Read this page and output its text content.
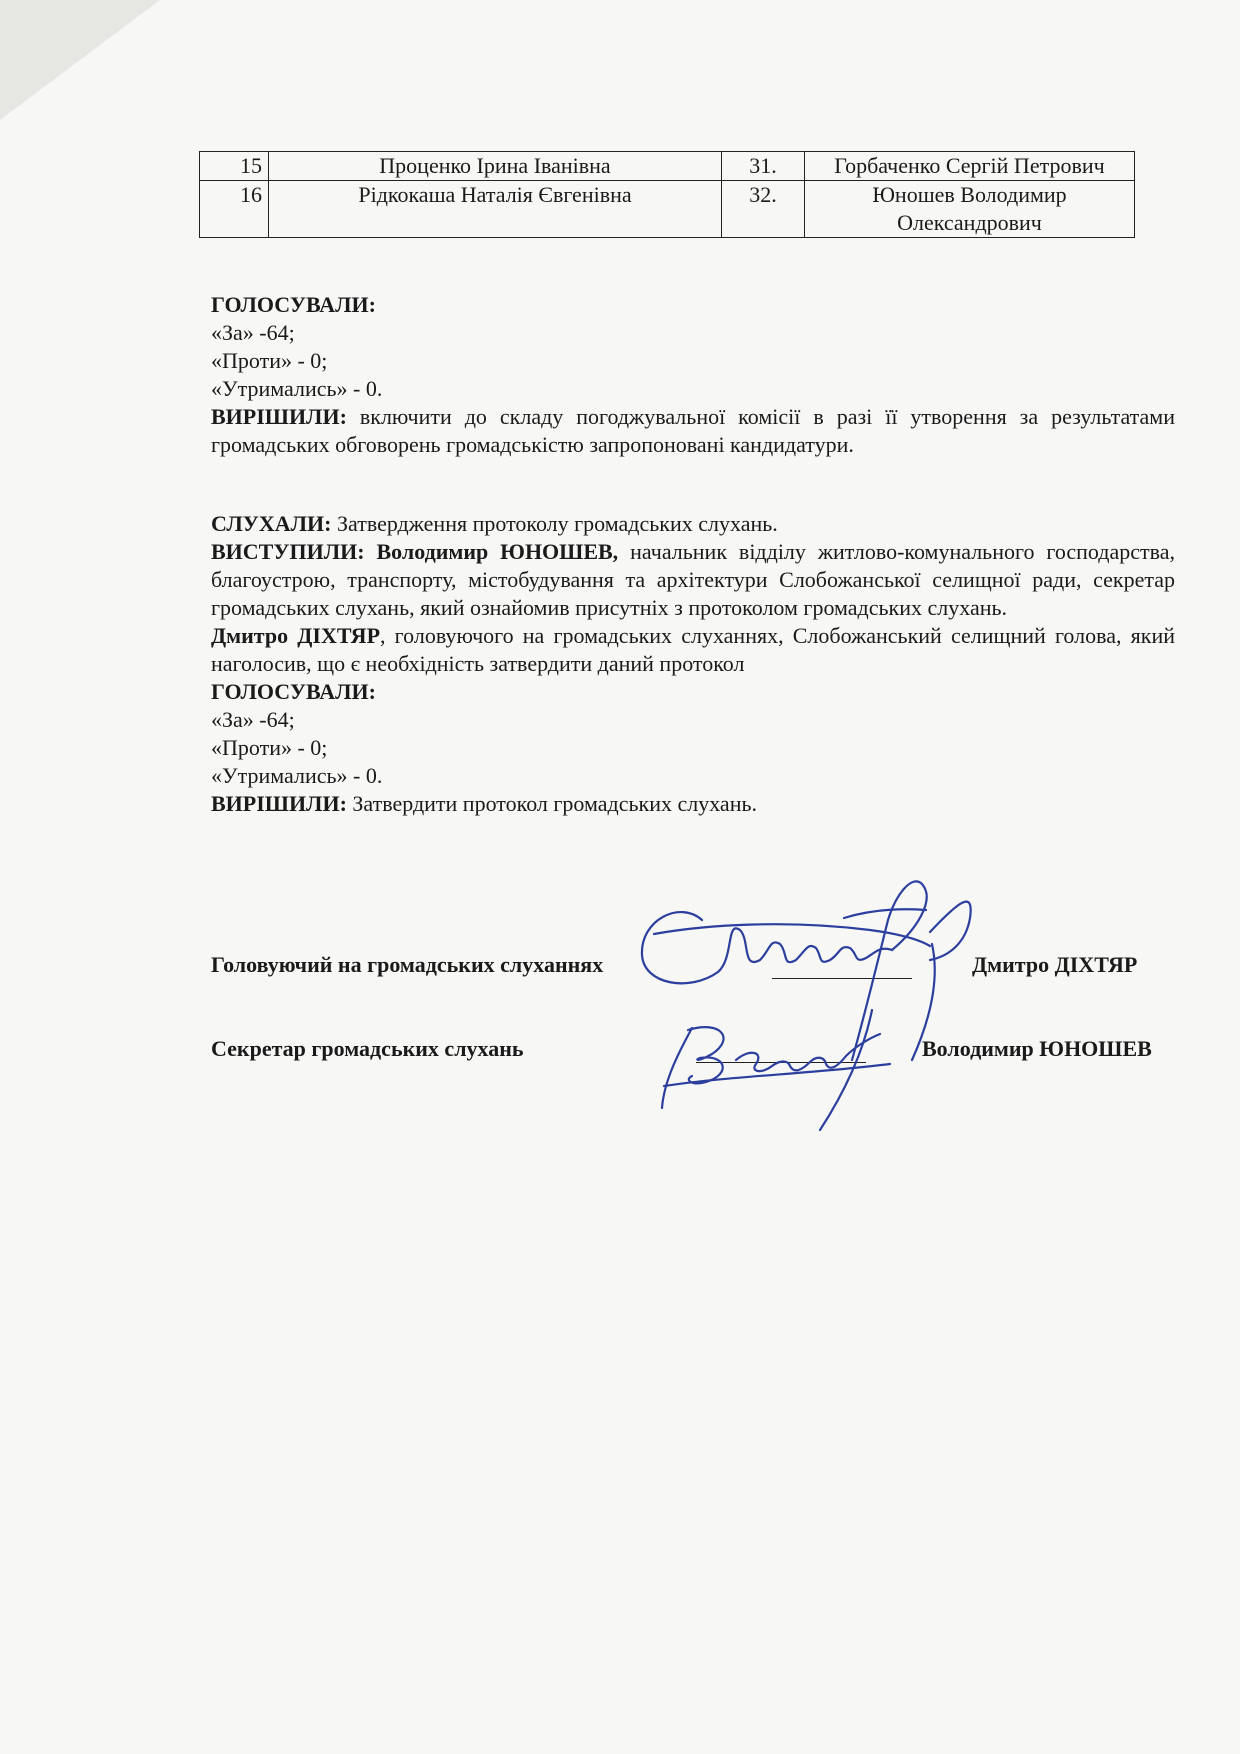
15	Проценко Ірина Іванівна	31.	Горбаченко Сергій Петрович
16	Рідкокаша Наталія Євгенівна	32.	Юношев Володимир Олександрович

ГОЛОСУВАЛИ:

«За» -64;

«Проти» - 0;

«Утримались» - 0.

ВИРІШИЛИ: включити до складу погоджувальної комісії в разі її утворення за результатами громадських обговорень громадськістю запропоновані кандидатури.

СЛУХАЛИ: Затвердження протоколу громадських слухань.

ВИСТУПИЛИ: Володимир ЮНОШЕВ, начальник відділу житлово-комунального господарства, благоустрою, транспорту, містобудування та архітектури Слобожанської селищної ради, секретар громадських слухань, який ознайомив присутніх з протоколом громадських слухань.

Дмитро ДІХТЯР, головуючого на громадських слуханнях, Слобожанський селищний голова, який наголосив, що є необхідність затвердити даний протокол

ГОЛОСУВАЛИ:

«За» -64;

«Проти» - 0;

«Утримались» - 0.

ВИРІШИЛИ: Затвердити протокол громадських слухань.

Головуючий на громадських слуханнях	Дмитро ДІХТЯР
Секретар громадських слухань	Володимир ЮНОШЕВ
